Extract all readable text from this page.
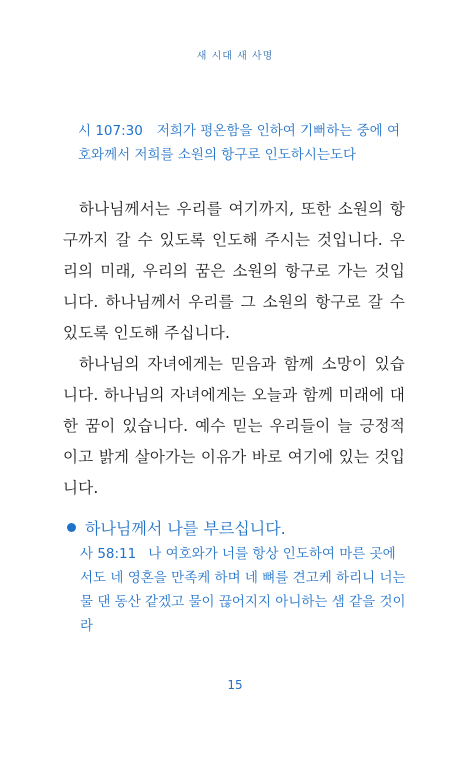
새 시대 새 사명
시 107:30 저희가 평온함을 인하여 기뻐하는 중에 여호와께서 저희를 소원의 항구로 인도하시는도다

하나님께서는 우리를 여기까지, 또한 소원의 항구까지 갈 수 있도록 인도해 주시는 것입니다. 우리의 미래, 우리의 꿈은 소원의 항구로 가는 것입니다. 하나님께서 우리를 그 소원의 항구로 갈 수 있도록 인도해 주십니다.

하나님의 자녀에게는 믿음과 함께 소망이 있습니다. 하나님의 자녀에게는 오늘과 함께 미래에 대한 꿈이 있습니다. 예수 믿는 우리들이 늘 긍정적이고 밝게 살아가는 이유가 바로 여기에 있는 것입니다.

하나님께서 나를 부르십니다.
사 58:11 나 여호와가 너를 항상 인도하여 마른 곳에서도 네 영혼을 만족케 하며 네 뼈를 견고케 하리니 너는 물 댄 동산 같겠고 물이 끊어지지 아니하는 샘 같을 것이라
15
